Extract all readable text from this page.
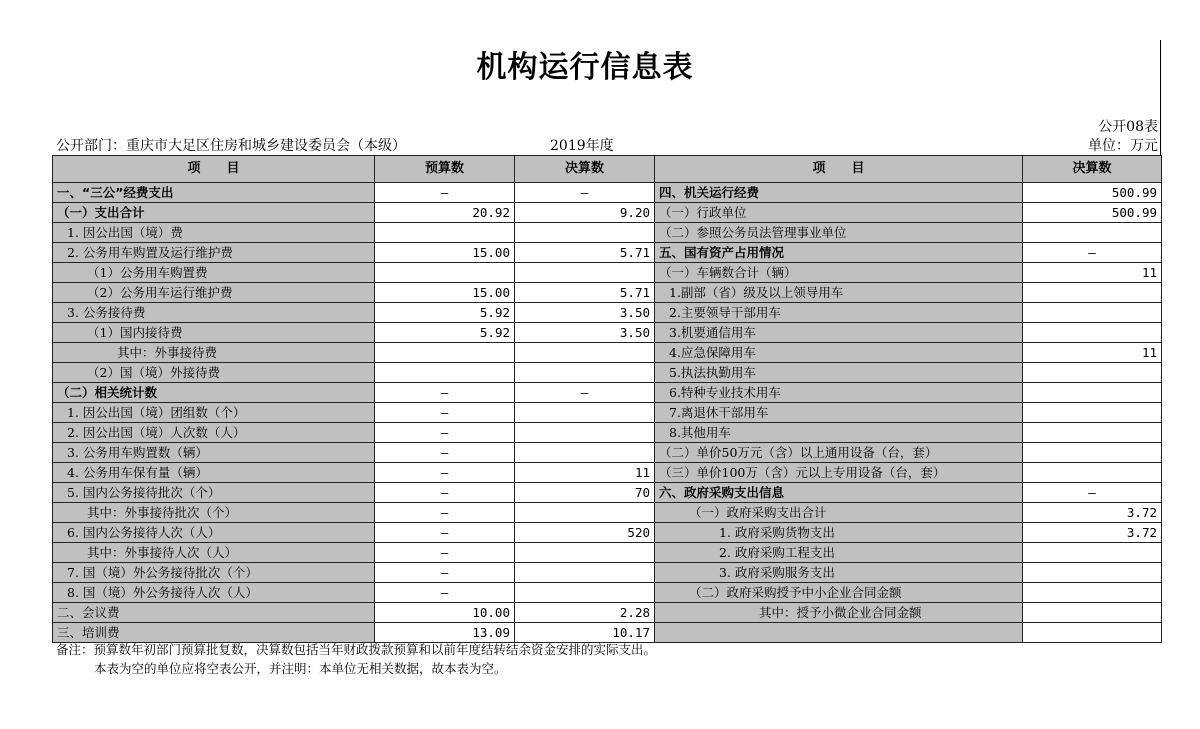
机构运行信息表
公开08表
公开部门：重庆市大足区住房和城乡建设委员会（本级）	2019年度	单位：万元
项　　目	预算数	决算数	项　　目	决算数
一、“三公”经费支出	—	—	四、机关运行经费	500.99
（一）支出合计	20.92	9.20	（一）行政单位	500.99
1. 因公出国（境）费			（二）参照公务员法管理事业单位	
2. 公务用车购置及运行维护费	15.00	5.71	五、国有资产占用情况	—
（1）公务用车购置费			（一）车辆数合计（辆）	11
（2）公务用车运行维护费	15.00	5.71	1.副部（省）级及以上领导用车	
3. 公务接待费	5.92	3.50	2.主要领导干部用车	
（1）国内接待费	5.92	3.50	3.机要通信用车	
其中：外事接待费			4.应急保障用车	11
（2）国（境）外接待费			5.执法执勤用车	
（二）相关统计数	—	—	6.特种专业技术用车	
1. 因公出国（境）团组数（个）	—		7.离退休干部用车	
2. 因公出国（境）人次数（人）	—		8.其他用车	
3. 公务用车购置数（辆）	—		（二）单价50万元（含）以上通用设备（台，套）	
4. 公务用车保有量（辆）	—	11	（三）单价100万（含）元以上专用设备（台，套）	
5. 国内公务接待批次（个）	—	70	六、政府采购支出信息	—
其中：外事接待批次（个）	—		（一）政府采购支出合计	3.72
6. 国内公务接待人次（人）	—	520	1. 政府采购货物支出	3.72
其中：外事接待人次（人）	—		2. 政府采购工程支出	
7. 国（境）外公务接待批次（个）	—		3. 政府采购服务支出	
8. 国（境）外公务接待人次（人）	—		（二）政府采购授予中小企业合同金额	
二、会议费	10.00	2.28	其中：授予小微企业合同金额	
三、培训费	13.09	10.17		
备注：预算数年初部门预算批复数，决算数包括当年财政拨款预算和以前年度结转结余资金安排的实际支出。
本表为空的单位应将空表公开，并注明：本单位无相关数据，故本表为空。
